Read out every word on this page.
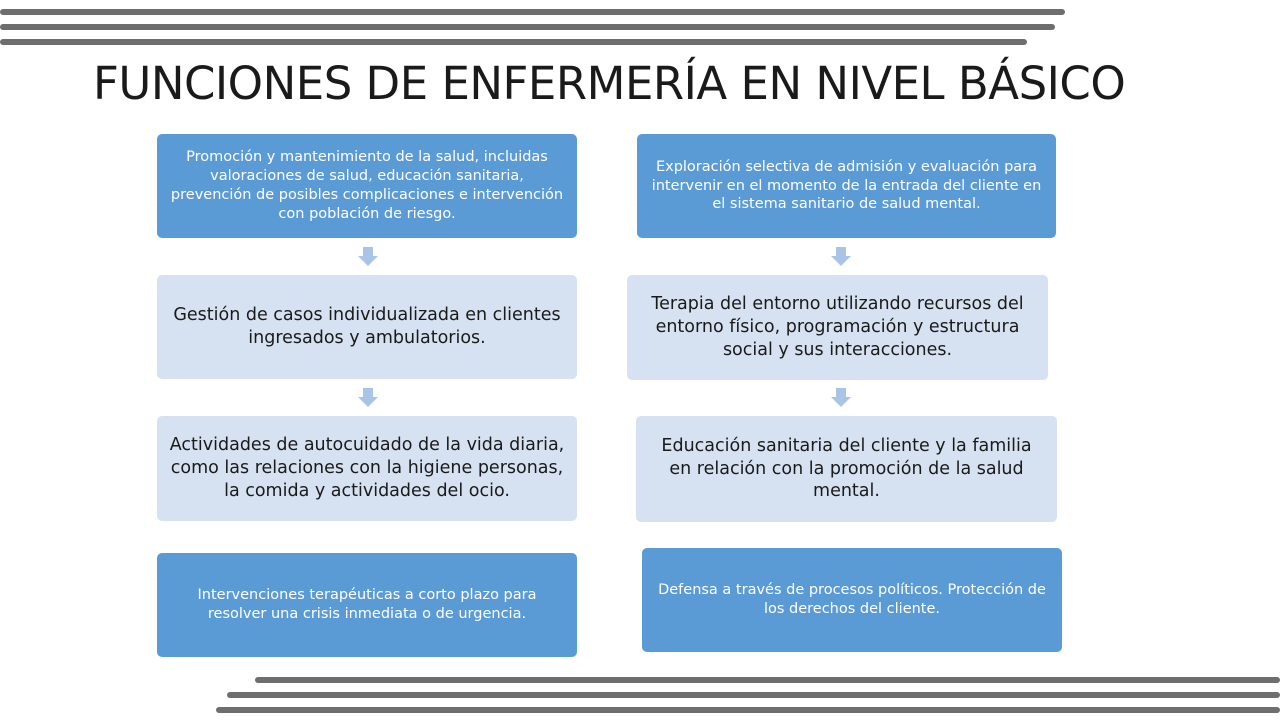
FUNCIONES DE ENFERMERÍA EN NIVEL BÁSICO
Promoción y mantenimiento de la salud, incluidas valoraciones de salud, educación sanitaria, prevención de posibles complicaciones e intervención con población de riesgo.
Gestión de casos individualizada en clientes ingresados y ambulatorios.
Actividades de autocuidado de la vida diaria, como las relaciones con la higiene personas, la comida y actividades del ocio.
Intervenciones terapéuticas a corto plazo para resolver una crisis inmediata o de urgencia.
Exploración selectiva de admisión y evaluación para intervenir en el momento de la entrada del cliente en el sistema sanitario de salud mental.
Terapia del entorno utilizando recursos del entorno físico, programación y estructura social y sus interacciones.
Educación sanitaria del cliente y la familia en relación con la promoción de la salud mental.
Defensa a través de procesos políticos. Protección de los derechos del cliente.
